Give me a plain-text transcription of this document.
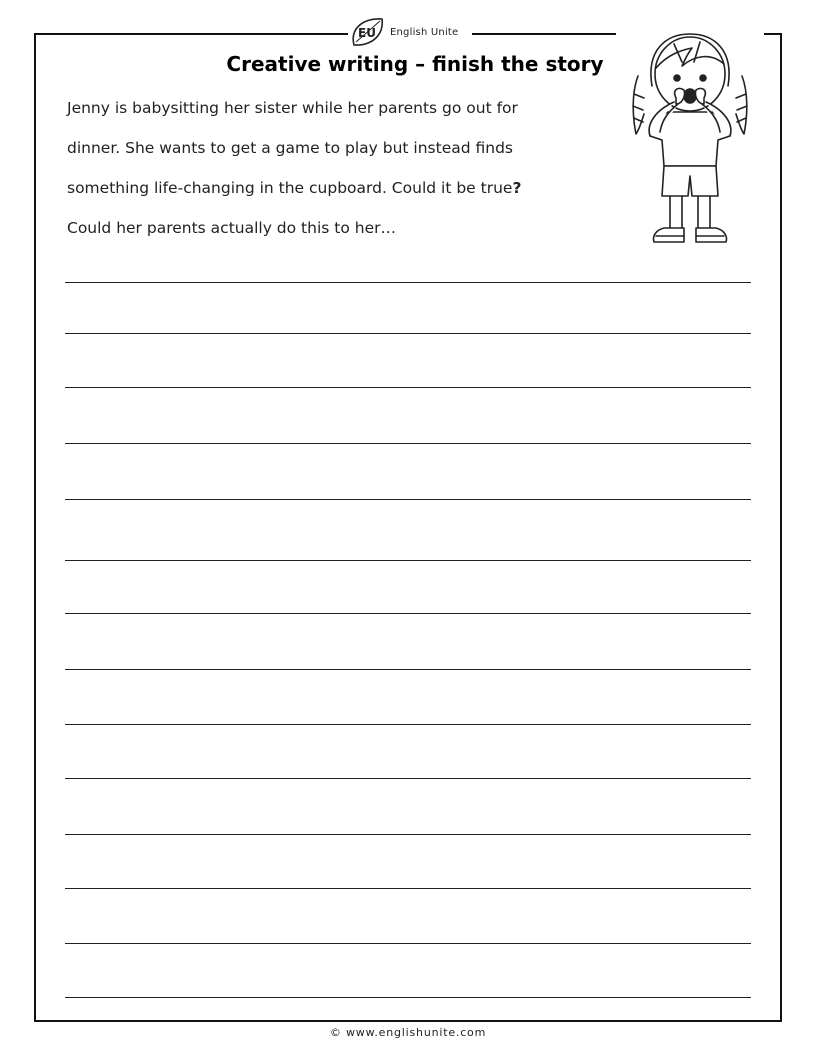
EU English Unite
Creative writing – finish the story

Jenny is babysitting her sister while her parents go out for

dinner. She wants to get a game to play but instead finds

something life-changing in the cupboard. Could it be true?

Could her parents actually do this to her…

© www.englishunite.com
